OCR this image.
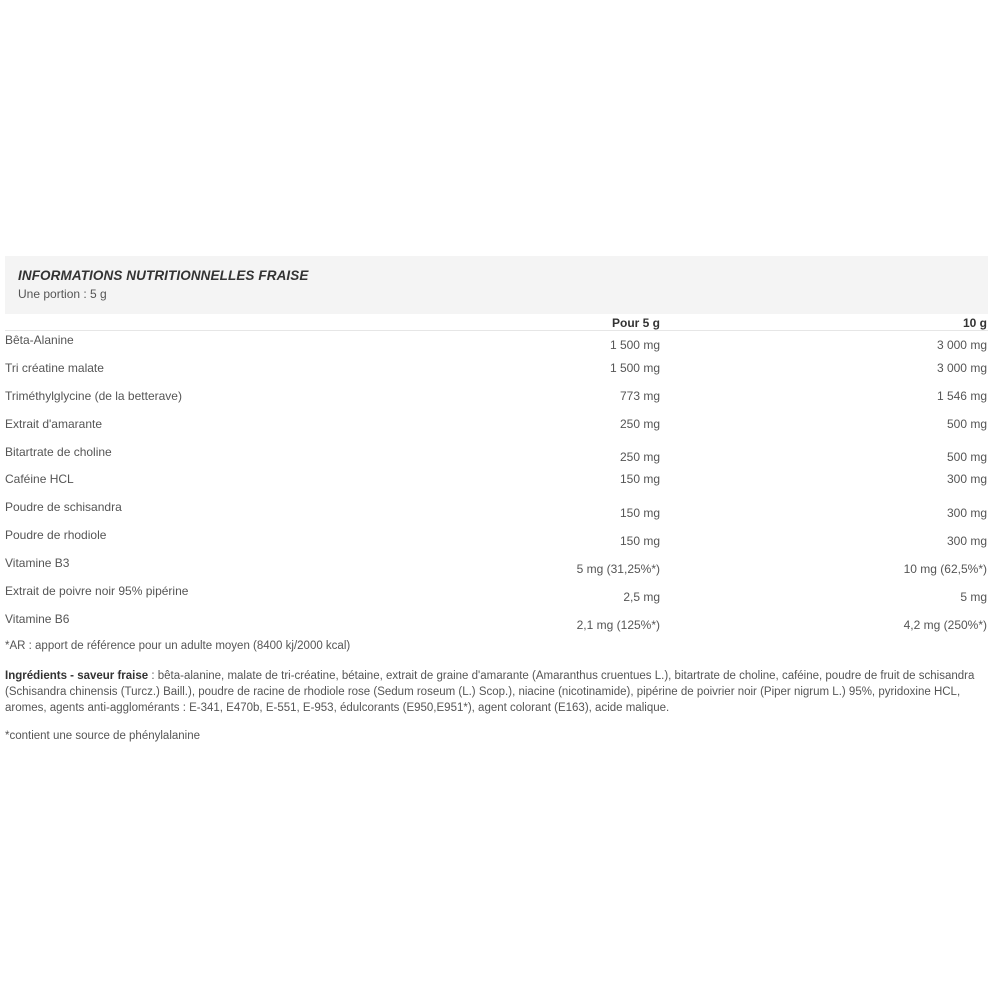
INFORMATIONS NUTRITIONNELLES FRAISE
Une portion : 5 g
Pour 5 g	10 g
Bêta-Alanine	1 500 mg	3 000 mg
Tri créatine malate	1 500 mg	3 000 mg
Triméthylglycine (de la betterave)	773 mg	1 546 mg
Extrait d'amarante	250 mg	500 mg
Bitartrate de choline	250 mg	500 mg
Caféine HCL	150 mg	300 mg
Poudre de schisandra	150 mg	300 mg
Poudre de rhodiole	150 mg	300 mg
Vitamine B3	5 mg (31,25%*)	10 mg (62,5%*)
Extrait de poivre noir 95% pipérine	2,5 mg	5 mg
Vitamine B6	2,1 mg (125%*)	4,2 mg (250%*)
*AR : apport de référence pour un adulte moyen (8400 kj/2000 kcal)
Ingrédients - saveur fraise : bêta-alanine, malate de tri-créatine, bétaine, extrait de graine d'amarante (Amaranthus cruentues L.), bitartrate de choline, caféine, poudre de fruit de schisandra (Schisandra chinensis (Turcz.) Baill.), poudre de racine de rhodiole rose (Sedum roseum (L.) Scop.), niacine (nicotinamide), pipérine de poivrier noir (Piper nigrum L.) 95%, pyridoxine HCL, aromes, agents anti-agglomérants : E-341, E470b, E-551, E-953, édulcorants (E950,E951*), agent colorant (E163), acide malique.
*contient une source de phénylalanine
